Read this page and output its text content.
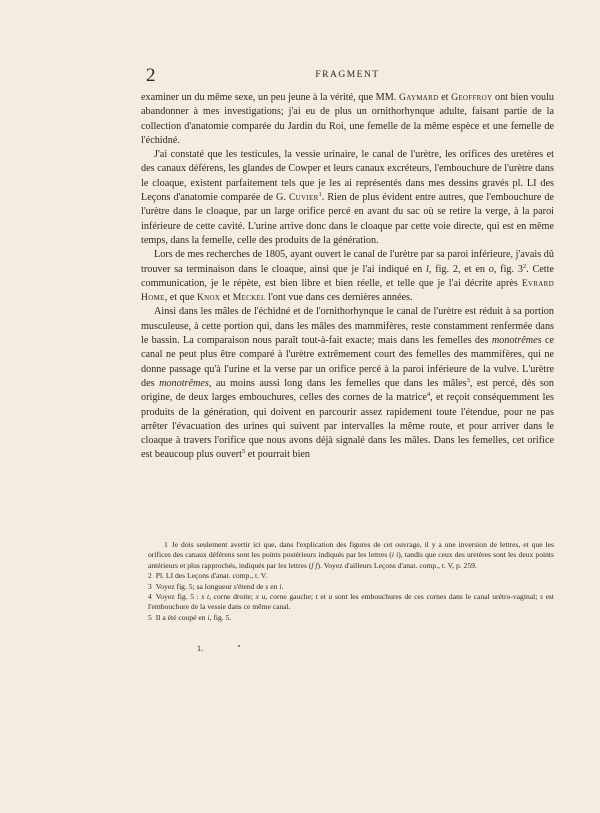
2	FRAGMENT

examiner un du même sexe, un peu jeune à la vérité, que MM. Gaymard et Geoffroy ont bien voulu abandonner à mes investigations; j'ai eu de plus un ornithorhynque adulte, faisant partie de la collection d'anatomie comparée du Jardin du Roi, une femelle de la même espèce et une femelle de l'échidné.

J'ai constaté que les testicules, la vessie urinaire, le canal de l'urètre, les orifices des uretères et des canaux déférens, les glandes de Cowper et leurs canaux excréteurs, l'embouchure de l'urètre dans le cloaque, existent parfaitement tels que je les ai représentés dans mes dessins gravés pl. LI des Leçons d'anatomie comparée de G. Cuvier$^1$. Rien de plus évident entre autres, que l'embouchure de l'urètre dans le cloaque, par un large orifice percé en avant du sac où se retire la verge, à la paroi inférieure de cette cavité. L'urine arrive donc dans le cloaque par cette voie directe, qui est en même temps, dans la femelle, celle des produits de la génération.

Lors de mes recherches de 1805, ayant ouvert le canal de l'urètre par sa paroi inférieure, j'avais dû trouver sa terminaison dans le cloaque, ainsi que je l'ai indiqué en l, fig. 2, et en o, fig. $3^2$. Cette communication, je le répète, est bien libre et bien réelle, et telle que je l'ai décrite après Evrard Home, et que Knox et Meckel l'ont vue dans ces dernières années.

Ainsi dans les mâles de l'échidné et de l'ornithorhynque le canal de l'urètre est réduit à sa portion musculeuse, à cette portion qui, dans les mâles des mammifères, reste constamment renfermée dans le bassin. La comparaison nous paraît tout-à-fait exacte; mais dans les femelles des monotrêmes ce canal ne peut plus être comparé à l'urètre extrêmement court des femelles des mammifères, qui ne donne passage qu'à l'urine et la verse par un orifice percé à la paroi inférieure de la vulve. L'urètre des monotrêmes, au moins aussi long dans les femelles que dans les mâles$^3$, est percé, dès son origine, de deux larges embouchures, celles des cornes de la matrice$^4$, et reçoit conséquemment les produits de la génération, qui doivent en parcourir assez rapidement toute l'étendue, pour ne pas arrêter l'évacuation des urines qui suivent par intervalles la même route, et pour arriver dans le cloaque à travers l'orifice que nous avons déjà signalé dans les mâles. Dans les femelles, cet orifice est beaucoup plus ouvert$^5$ et pourrait bien

1 Je dois seulement avertir ici que, dans l'explication des figures de cet ouvrage, il y a une inversion de lettres, et que les orifices des canaux déférens sont les points postérieurs indiqués par les lettres (i i), tandis que ceux des uretères sont les deux points antérieurs et plus rapprochés, indiqués par les lettres (f f). Voyez d'ailleurs Leçons d'anat. comp., t. V, p. 259.

2 Pl. LI des Leçons d'anat. comp., t. V.

3 Voyez fig. 5; sa longueur s'étend de s en i.

4 Voyez fig. 5 : s t, corne droite; x u, corne gauche; t et u sont les embouchures de ces cornes dans le canal urétro-vaginal; s est l'embouchure de la vessie dans ce même canal.

5 Il a été coupé en i, fig. 5.

1.
